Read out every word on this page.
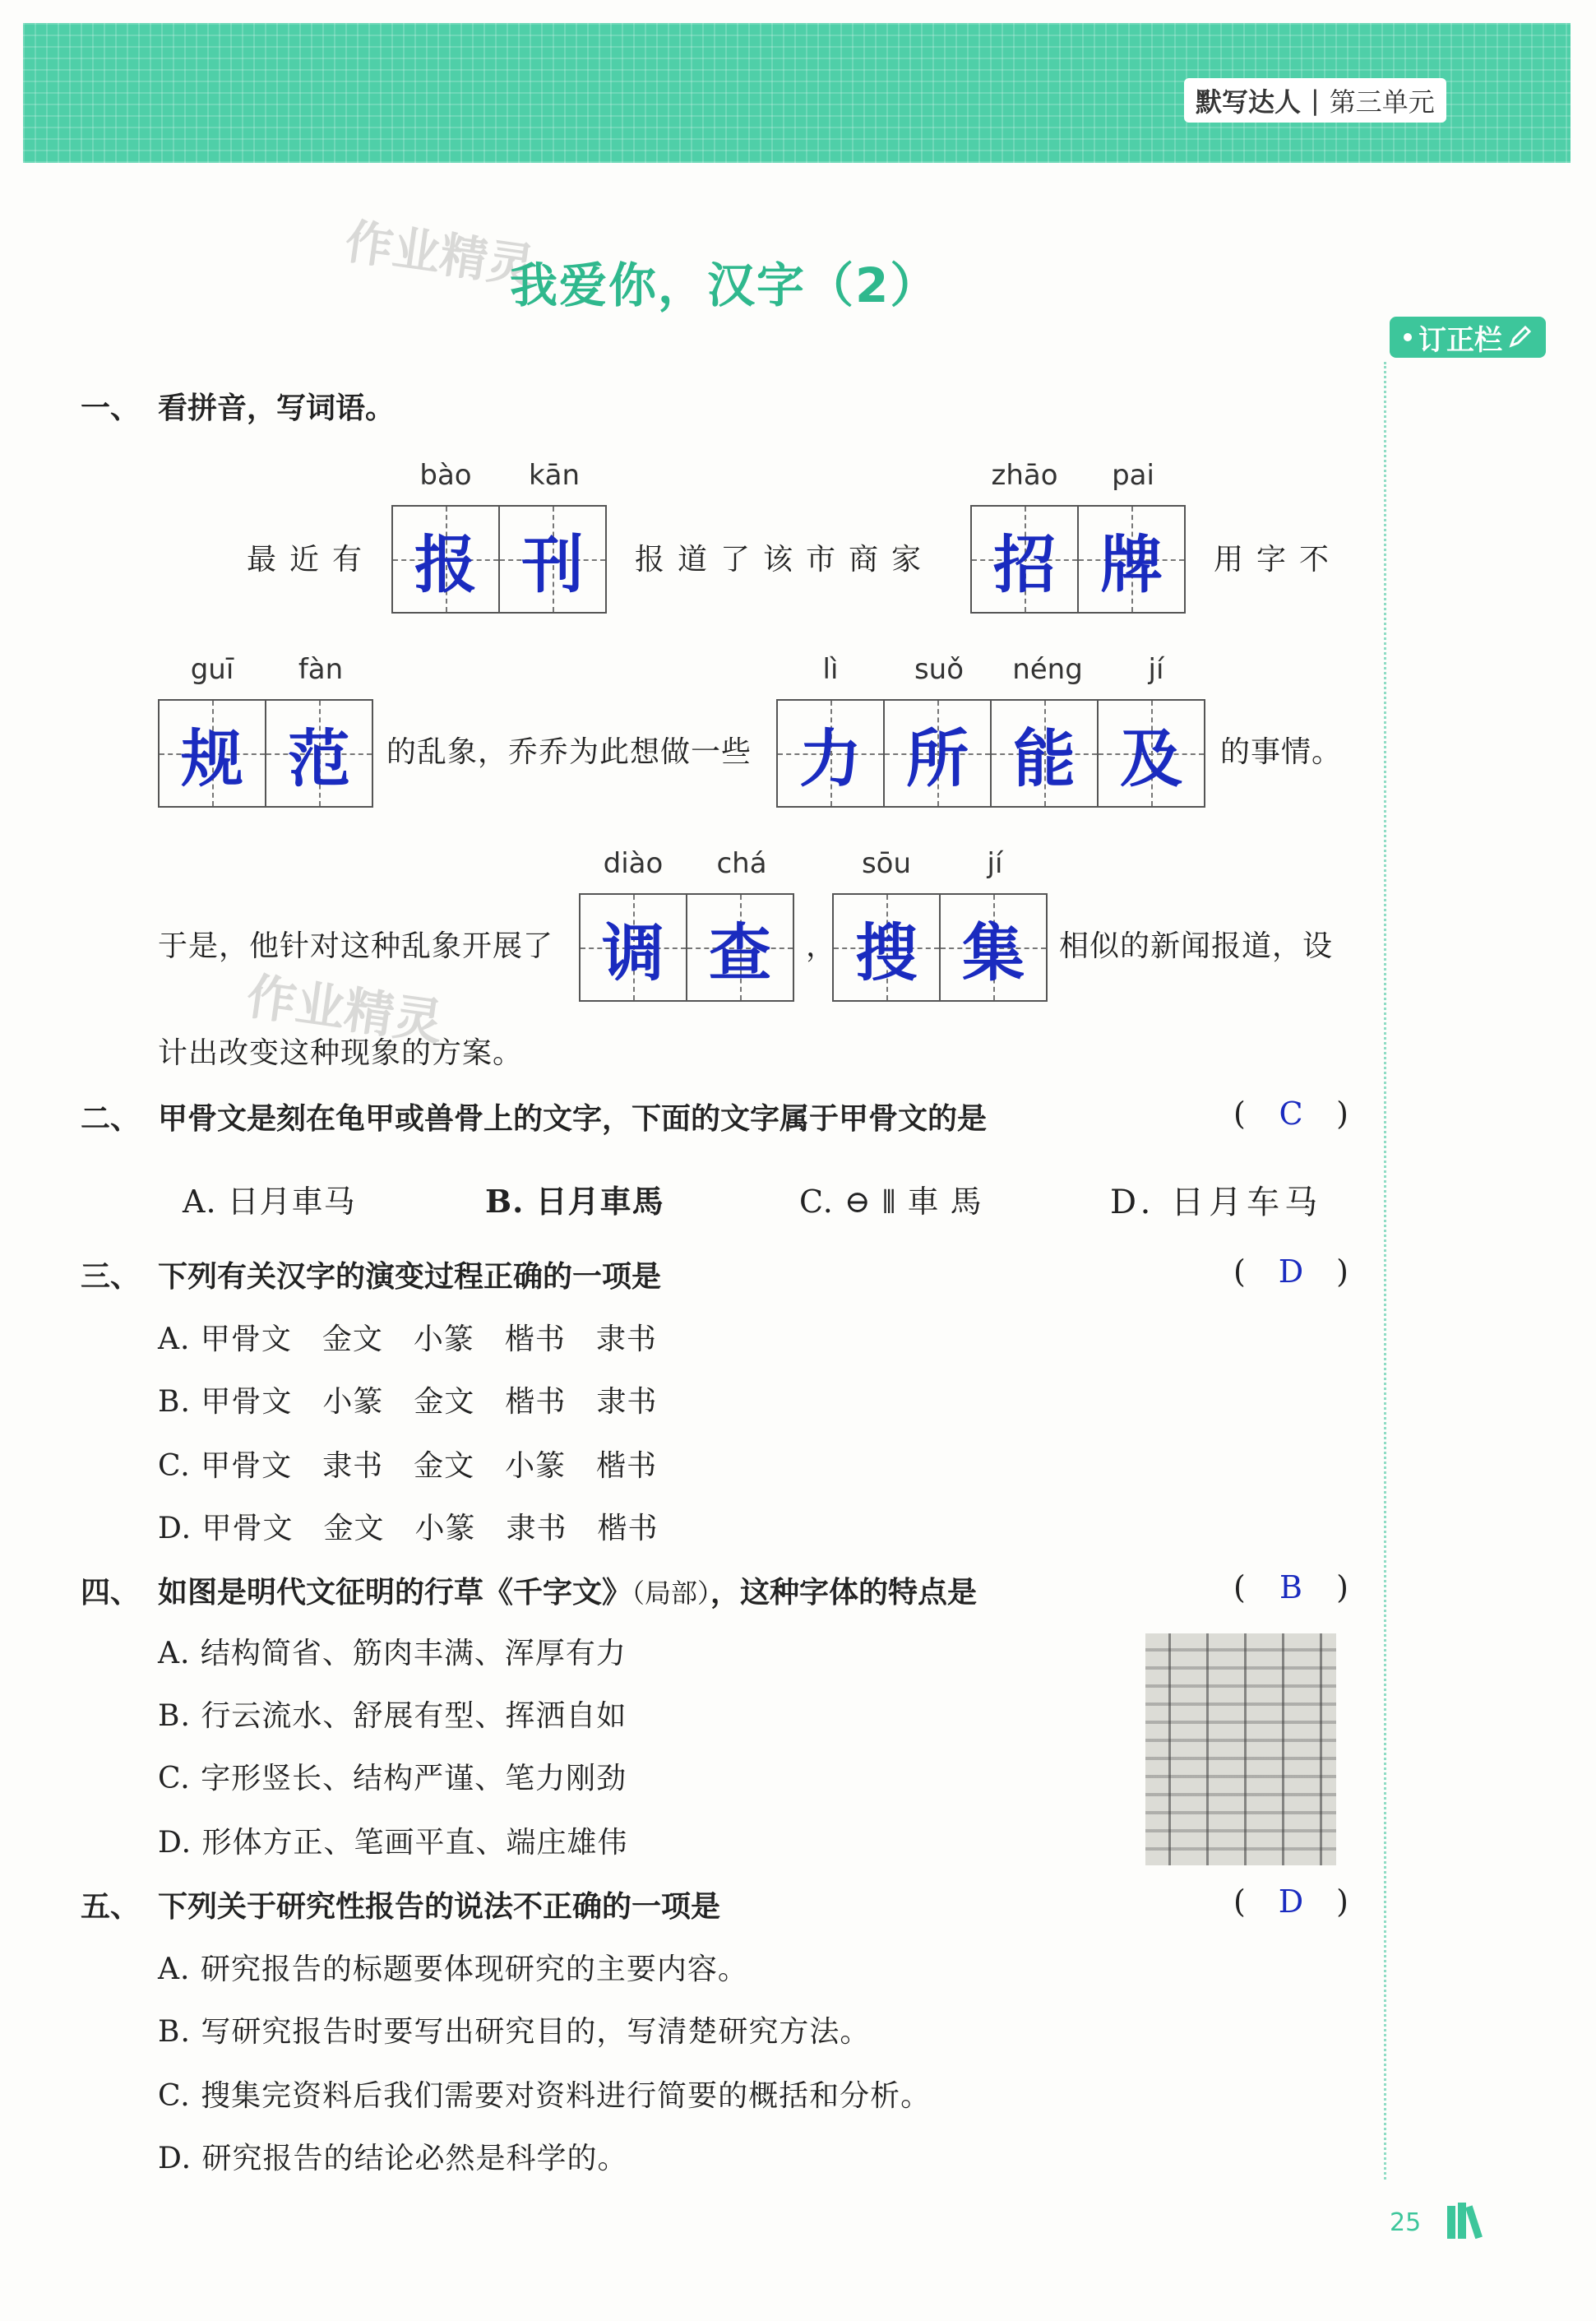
默写达人 | 第三单元
作业精灵
我爱你，汉字（2）
订正栏
一、 看拼音，写词语。
最近有
bào	kān
报 刊 报道了该市商家
zhāo	pai
招 牌 用字不
guī	fàn
规 范 的乱象，乔乔为此想做一些
lì	suǒ	néng	jí
力 所 能 及 的事情。
于是，他针对这种乱象开展了
作业精灵
diào	chá
调 查 ，
sōu	jí
搜 集 相似的新闻报道，设
计出改变这种现象的方案。
二、 甲骨文是刻在龟甲或兽骨上的文字，下面的文字属于甲骨文的是	( C )
A. 日月車马	B. 日月車馬	C. ⊖ ⦀ 車 馬	D. 日月车马
三、 下列有关汉字的演变过程正确的一项是	( D )
A. 甲骨文　金文　小篆　楷书　隶书
B. 甲骨文　小篆　金文　楷书　隶书
C. 甲骨文　隶书　金文　小篆　楷书
D. 甲骨文　金文　小篆　隶书　楷书
四、 如图是明代文征明的行草《千字文》（局部），这种字体的特点是	( B )
A. 结构简省、筋肉丰满、浑厚有力
B. 行云流水、舒展有型、挥洒自如
C. 字形竖长、结构严谨、笔力刚劲
D. 形体方正、笔画平直、端庄雄伟
五、 下列关于研究性报告的说法不正确的一项是	( D )
A. 研究报告的标题要体现研究的主要内容。
B. 写研究报告时要写出研究目的，写清楚研究方法。
C. 搜集完资料后我们需要对资料进行简要的概括和分析。
D. 研究报告的结论必然是科学的。
25
